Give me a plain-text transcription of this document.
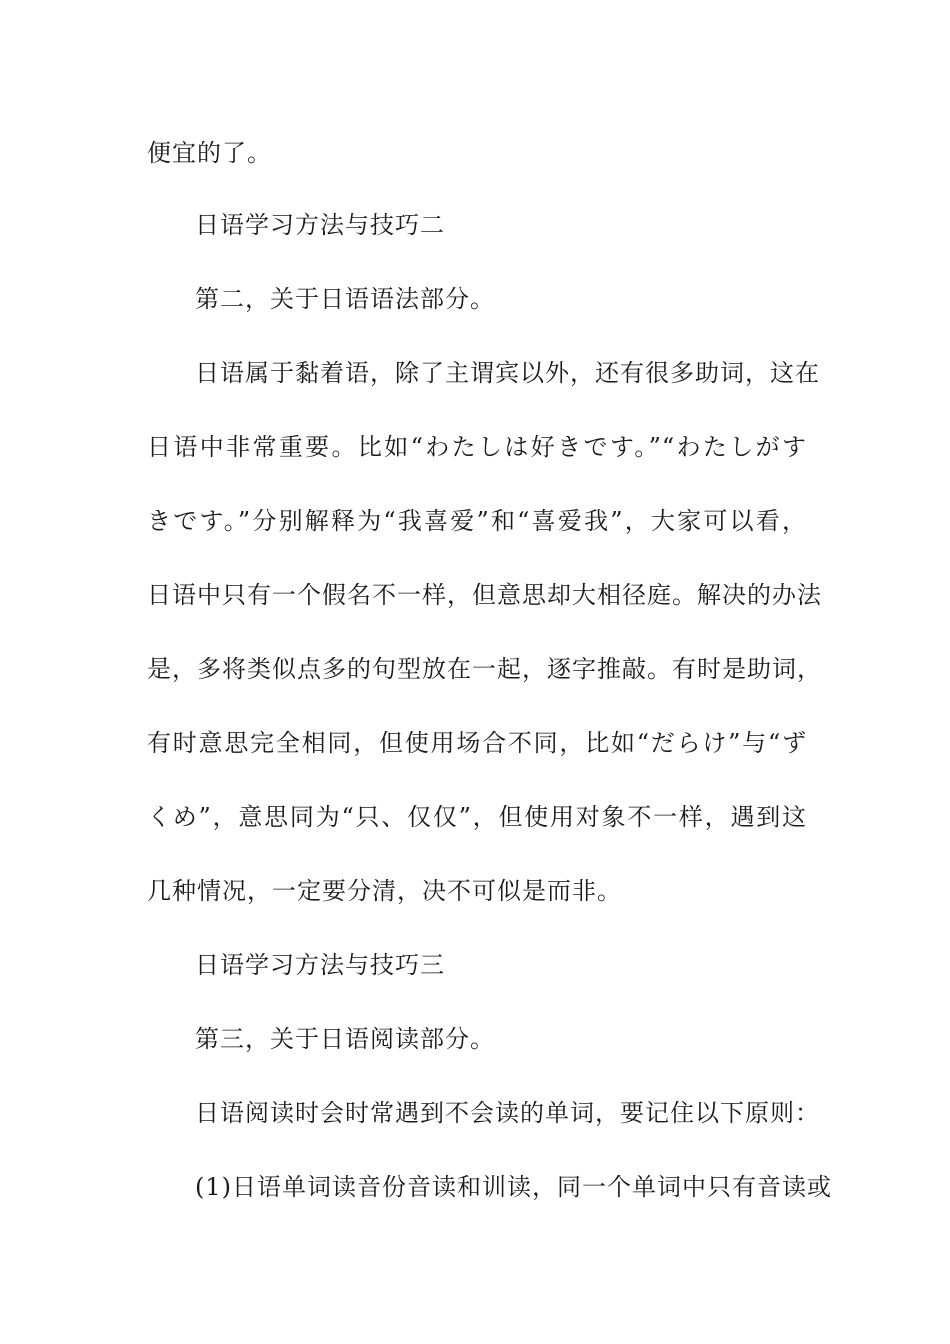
便宜的了。
日语学习方法与技巧二
第二，关于日语语法部分。
日语属于黏着语，除了主谓宾以外，还有很多助词，这在
日语中非常重要。比如“わたしは好きです。”“わたしがす
きです。”分别解释为“我喜爱”和“喜爱我”，大家可以看，
日语中只有一个假名不一样，但意思却大相径庭。解决的办法
是，多将类似点多的句型放在一起，逐字推敲。有时是助词，
有时意思完全相同，但使用场合不同，比如“だらけ”与“ず
くめ”，意思同为“只、仅仅”，但使用对象不一样，遇到这
几种情况，一定要分清，决不可似是而非。
日语学习方法与技巧三
第三，关于日语阅读部分。
日语阅读时会时常遇到不会读的单词，要记住以下原则：
(1)日语单词读音份音读和训读，同一个单词中只有音读或
